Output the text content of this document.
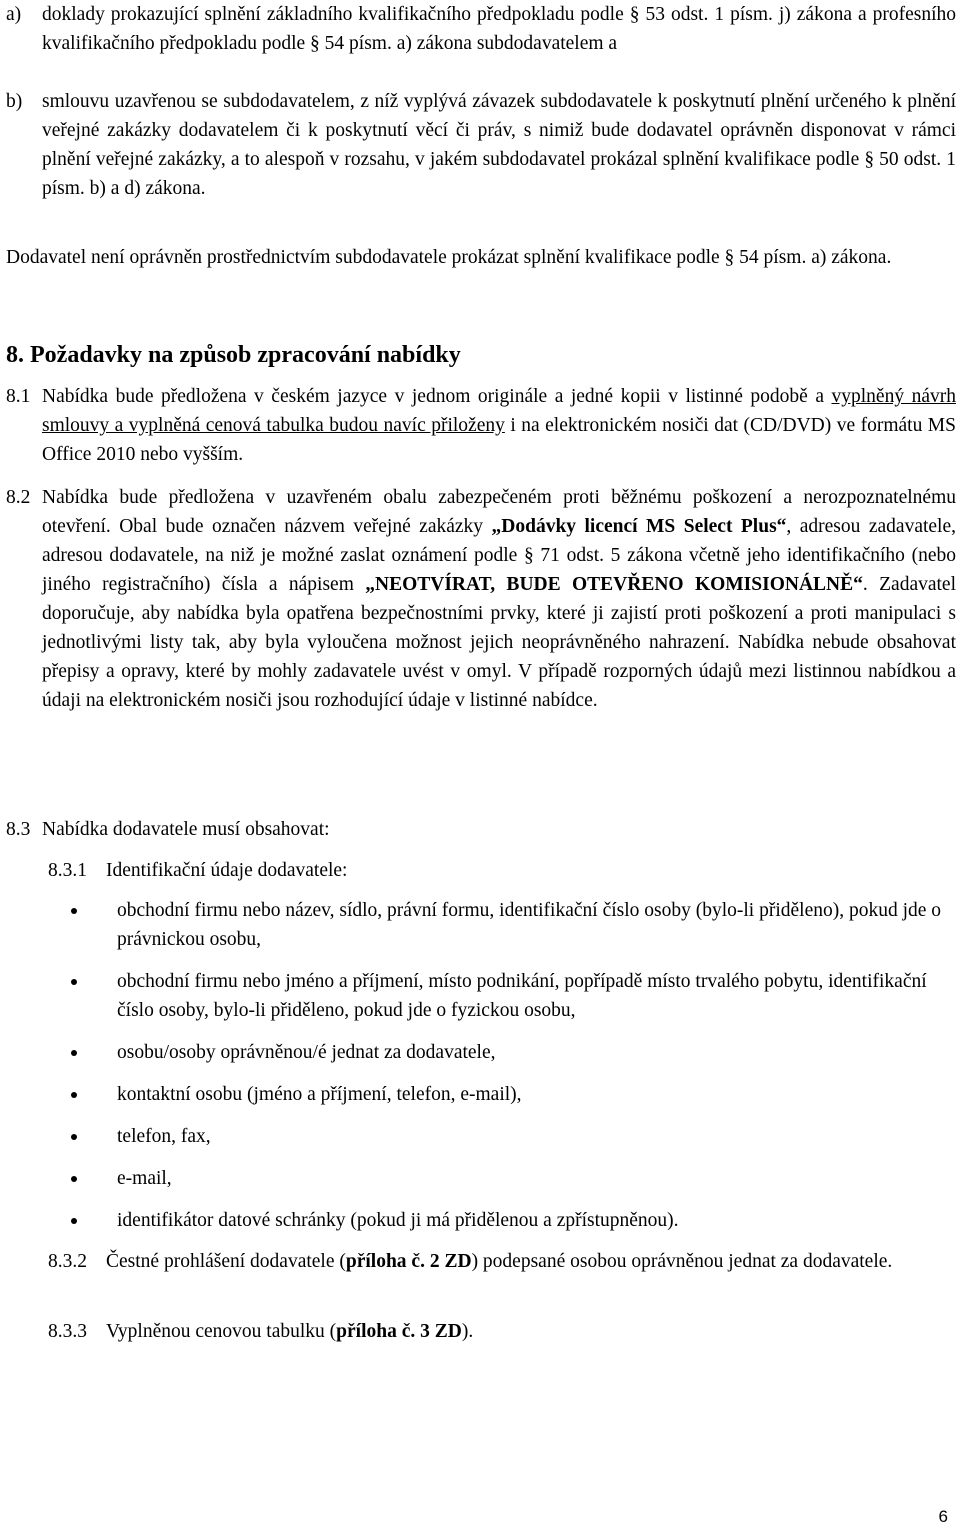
a)	doklady prokazující splnění základního kvalifikačního předpokladu podle § 53 odst. 1 písm. j) zákona a profesního kvalifikačního předpokladu podle § 54 písm. a) zákona subdodavatelem a
b)	smlouvu uzavřenou se subdodavatelem, z níž vyplývá závazek subdodavatele k poskytnutí plnění určeného k plnění veřejné zakázky dodavatelem či k poskytnutí věcí či práv, s nimiž bude dodavatel oprávněn disponovat v rámci plnění veřejné zakázky, a to alespoň v rozsahu, v jakém subdodavatel prokázal splnění kvalifikace podle § 50 odst. 1 písm. b) a d) zákona.

Dodavatel není oprávněn prostřednictvím subdodavatele prokázat splnění kvalifikace podle § 54 písm. a) zákona.

8. Požadavky na způsob zpracování nabídky
8.1 Nabídka bude předložena v českém jazyce v jednom originále a jedné kopii v listinné podobě a vyplněný návrh smlouvy a vyplněná cenová tabulka budou navíc přiloženy i na elektronickém nosiči dat (CD/DVD) ve formátu MS Office 2010 nebo vyšším.
8.2 Nabídka bude předložena v uzavřeném obalu zabezpečeném proti běžnému poškození a nerozpoznatelnému otevření. Obal bude označen názvem veřejné zakázky „Dodávky licencí MS Select Plus“, adresou zadavatele, adresou dodavatele, na niž je možné zaslat oznámení podle § 71 odst. 5 zákona včetně jeho identifikačního (nebo jiného registračního) čísla a nápisem „NEOTVÍRAT, BUDE OTEVŘENO KOMISIONÁLNĚ“. Zadavatel doporučuje, aby nabídka byla opatřena bezpečnostními prvky, které ji zajistí proti poškození a proti manipulaci s jednotlivými listy tak, aby byla vyloučena možnost jejich neoprávněného nahrazení. Nabídka nebude obsahovat přepisy a opravy, které by mohly zadavatele uvést v omyl. V případě rozporných údajů mezi listinnou nabídkou a údaji na elektronickém nosiči jsou rozhodující údaje v listinné nabídce.
8.3 Nabídka dodavatele musí obsahovat:
8.3.1 Identifikační údaje dodavatele:
obchodní firmu nebo název, sídlo, právní formu, identifikační číslo osoby (bylo-li přiděleno), pokud jde o právnickou osobu,
obchodní firmu nebo jméno a příjmení, místo podnikání, popřípadě místo trvalého pobytu, identifikační číslo osoby, bylo-li přiděleno, pokud jde o fyzickou osobu,
osobu/osoby oprávněnou/é jednat za dodavatele,
kontaktní osobu (jméno a příjmení, telefon, e-mail),
telefon, fax,
e-mail,
identifikátor datové schránky (pokud ji má přidělenou a zpřístupněnou).
8.3.2 Čestné prohlášení dodavatele (příloha č. 2 ZD) podepsané osobou oprávněnou jednat za dodavatele.
8.3.3 Vyplněnou cenovou tabulku (příloha č. 3 ZD).
6
